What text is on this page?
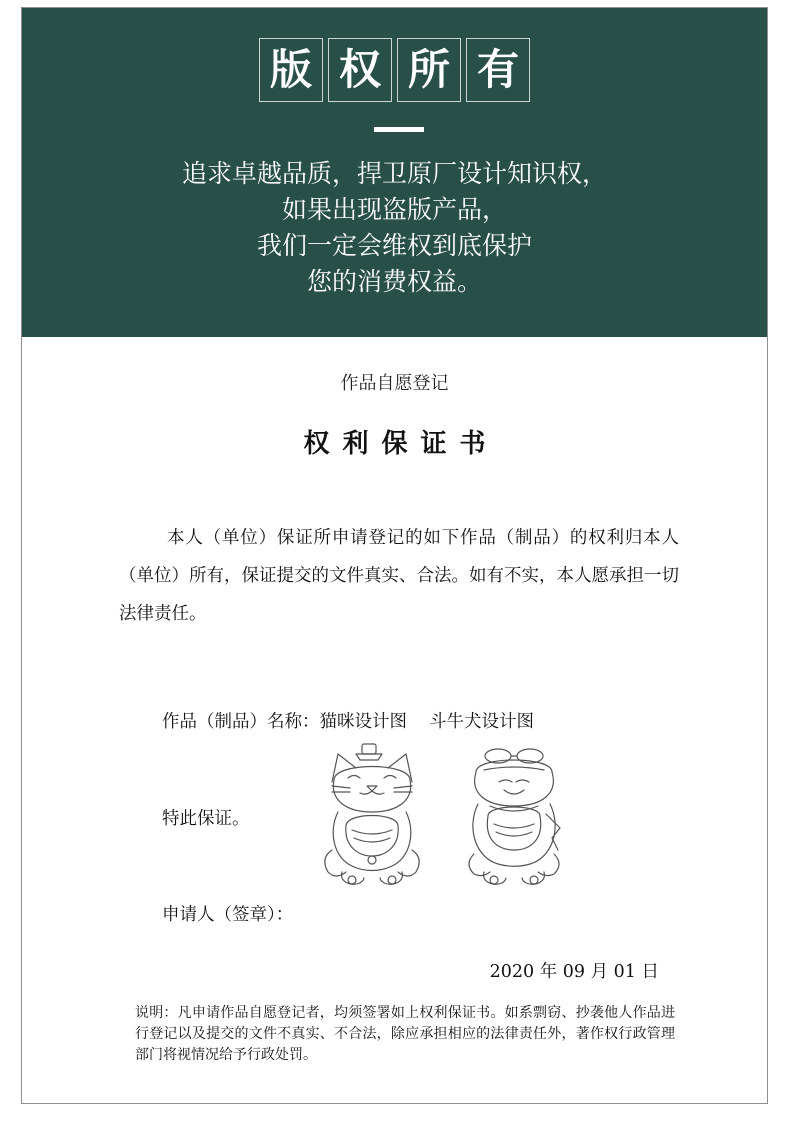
版 权 所 有
追求卓越品质，捍卫原厂设计知识权，
如果出现盗版产品，
我们一定会维权到底保护
您的消费权益。
作品自愿登记
权利保证书
本人（单位）保证所申请登记的如下作品（制品）的权利归本人（单位）所有，保证提交的文件真实、合法。如有不实，本人愿承担一切法律责任。
作品（制品）名称：猫咪设计图 斗牛犬设计图
特此保证。
申请人（签章）：
2020 年 09 月 01 日
说明：凡申请作品自愿登记者，均须签署如上权利保证书。如系剽窃、抄袭他人作品进行登记以及提交的文件不真实、不合法，除应承担相应的法律责任外，著作权行政管理部门将视情况给予行政处罚。
